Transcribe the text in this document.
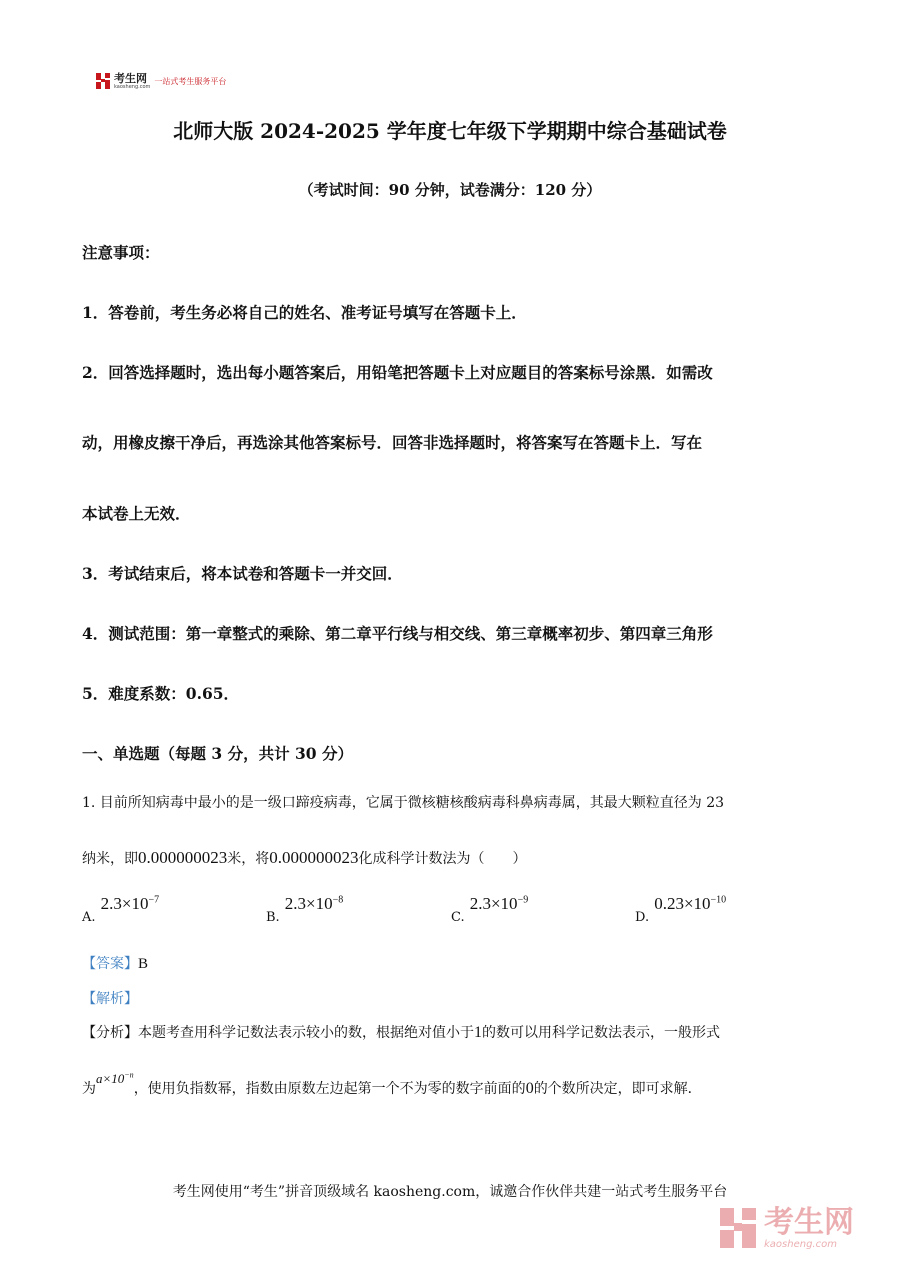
考生网
kaosheng.com
一站式考生服务平台
北师大版 2024-2025 学年度七年级下学期期中综合基础试卷
（考试时间：90 分钟，试卷满分：120 分）
注意事项：
1．答卷前，考生务必将自己的姓名、准考证号填写在答题卡上．
2．回答选择题时，选出每小题答案后，用铅笔把答题卡上对应题目的答案标号涂黑．如需改
动，用橡皮擦干净后，再选涂其他答案标号．回答非选择题时，将答案写在答题卡上．写在
本试卷上无效．
3．考试结束后，将本试卷和答题卡一并交回．
4．测试范围：第一章整式的乘除、第二章平行线与相交线、第三章概率初步、第四章三角形
5．难度系数：0.65．
一、单选题（每题 3 分，共计 30 分）
1. 目前所知病毒中最小的是一级口蹄疫病毒，它属于微核糖核酸病毒科鼻病毒属，其最大颗粒直径为 23
纳米，即0.000000023米，将0.000000023化成科学计数法为（　　）
$_{A.}$ $2.3\times 10^{-7}$
$_{B.}$ $2.3\times 10^{-8}$
$_{C.}$ $2.3\times 10^{-9}$
$_{D.}$ $0.23\times 10^{-10}$
【答案】B
【解析】
【分析】本题考查用科学记数法表示较小的数，根据绝对值小于1的数可以用科学记数法表示，一般形式
为$a\times 10^{-n}$，使用负指数幂，指数由原数左边起第一个不为零的数字前面的0的个数所决定，即可求解．
考生网使用“考生”拼音顶级域名 kaosheng.com，诚邀合作伙伴共建一站式考生服务平台
考生网
kaosheng.com
